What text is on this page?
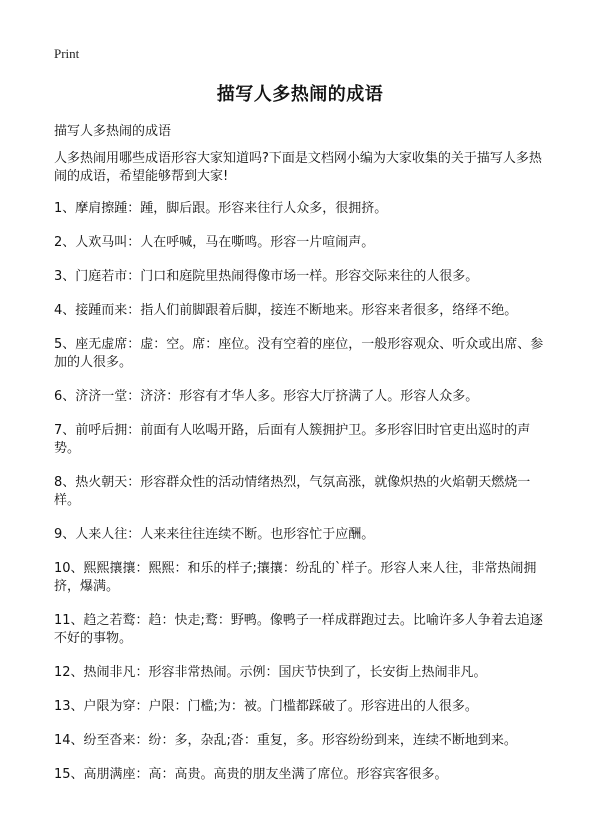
Print
描写人多热闹的成语
描写人多热闹的成语
人多热闹用哪些成语形容大家知道吗?下面是文档网小编为大家收集的关于描写人多热闹的成语，希望能够帮到大家!
1、摩肩擦踵：踵，脚后跟。形容来往行人众多，很拥挤。
2、人欢马叫：人在呼喊，马在嘶鸣。形容一片喧闹声。
3、门庭若市：门口和庭院里热闹得像市场一样。形容交际来往的人很多。
4、接踵而来：指人们前脚跟着后脚，接连不断地来。形容来者很多，络绎不绝。
5、座无虚席：虚：空。席：座位。没有空着的座位，一般形容观众、听众或出席、参加的人很多。
6、济济一堂：济济：形容有才华人多。形容大厅挤满了人。形容人众多。
7、前呼后拥：前面有人吆喝开路，后面有人簇拥护卫。多形容旧时官吏出巡时的声势。
8、热火朝天：形容群众性的活动情绪热烈，气氛高涨，就像炽热的火焰朝天燃烧一样。
9、人来人往：人来来往往连续不断。也形容忙于应酬。
10、熙熙攘攘：熙熙：和乐的样子;攘攘：纷乱的`样子。形容人来人往，非常热闹拥挤，爆满。
11、趋之若鹜：趋：快走;鹜：野鸭。像鸭子一样成群跑过去。比喻许多人争着去追逐不好的事物。
12、热闹非凡：形容非常热闹。示例：国庆节快到了，长安街上热闹非凡。
13、户限为穿：户限：门槛;为：被。门槛都踩破了。形容进出的人很多。
14、纷至沓来：纷：多，杂乱;沓：重复，多。形容纷纷到来，连续不断地到来。
15、高朋满座：高：高贵。高贵的朋友坐满了席位。形容宾客很多。
